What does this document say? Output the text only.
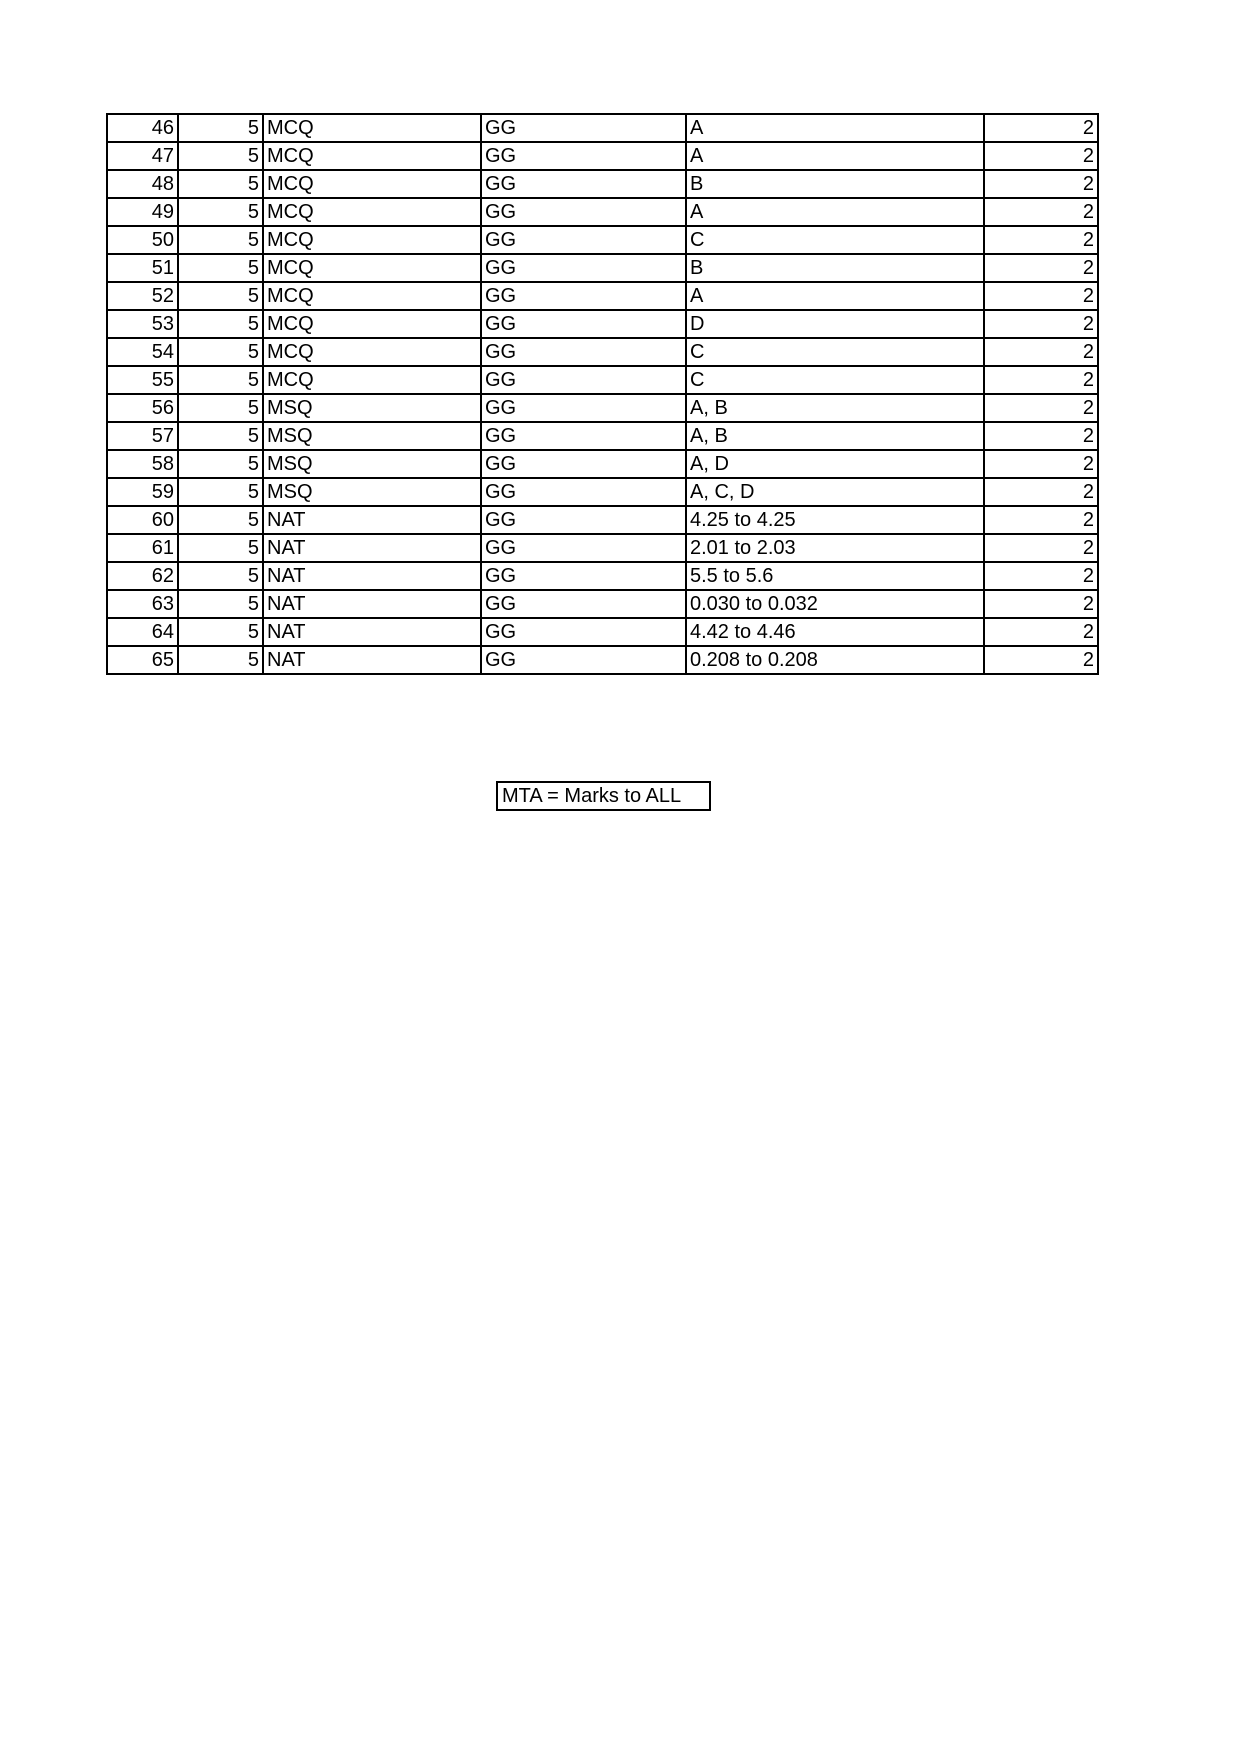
46	5	MCQ	GG	A	2
47	5	MCQ	GG	A	2
48	5	MCQ	GG	B	2
49	5	MCQ	GG	A	2
50	5	MCQ	GG	C	2
51	5	MCQ	GG	B	2
52	5	MCQ	GG	A	2
53	5	MCQ	GG	D	2
54	5	MCQ	GG	C	2
55	5	MCQ	GG	C	2
56	5	MSQ	GG	A, B	2
57	5	MSQ	GG	A, B	2
58	5	MSQ	GG	A, D	2
59	5	MSQ	GG	A, C, D	2
60	5	NAT	GG	4.25 to 4.25	2
61	5	NAT	GG	2.01 to 2.03	2
62	5	NAT	GG	5.5 to 5.6	2
63	5	NAT	GG	0.030 to 0.032	2
64	5	NAT	GG	4.42 to 4.46	2
65	5	NAT	GG	0.208 to 0.208	2
MTA = Marks to ALL
